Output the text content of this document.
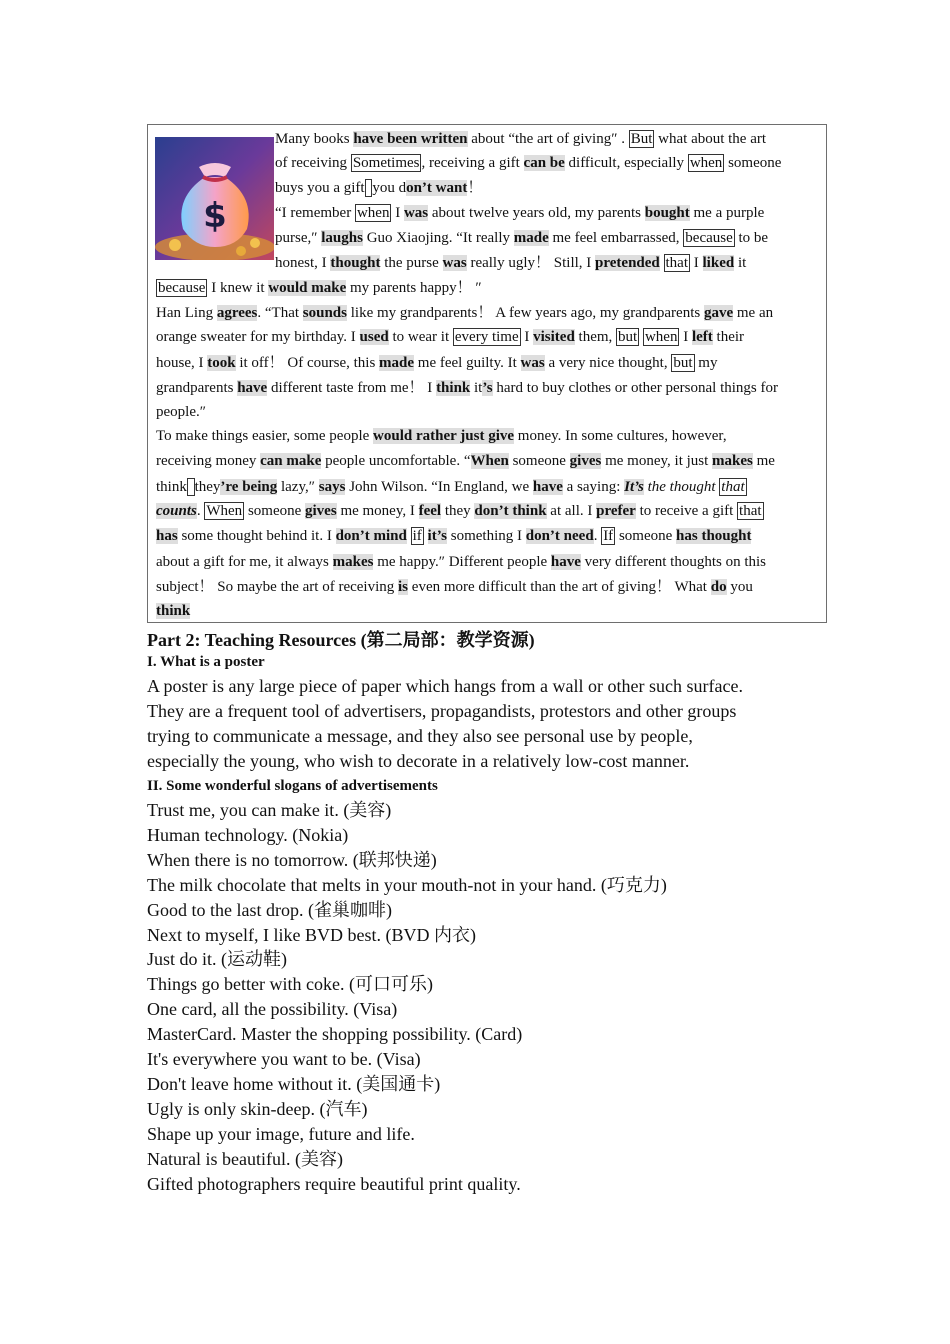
$
Many books have been written about “the art of giving″ . But what about the art
of receiving Sometimes , receiving a gift can be difficult, especially when someone
buys you a gift you don’t want！
“I remember when I was about twelve years old, my parents bought me a purple
purse,″ laughs Guo Xiaojing. “It really made me feel embarrassed, because to be
honest, I thought the purse was really ugly！ Still, I pretended that I liked it
because I knew it would make my parents happy！ ″
Han Ling agrees. “That sounds like my grandparents！ A few years ago, my grandparents gave me an
orange sweater for my birthday. I used to wear it every time I visited them, but when I left their
house, I took it off！ Of course, this made me feel guilty. It was a very nice thought, but my
grandparents have different taste from me！ I think it’s hard to buy clothes or other personal things for
people.″
To make things easier, some people would rather just give money. In some cultures, however,
receiving money can make people uncomfortable. “When someone gives me money, it just makes me
think they’re being lazy,″ says John Wilson. “In England, we have a saying: It’s the thought that
counts. When someone gives me money, I feel they don’t think at all. I prefer to receive a gift that
has some thought behind it. I don’t mind if it’s something I don’t need. If someone has thought
about a gift for me, it always makes me happy.″ Different people have very different thoughts on this
subject！ So maybe the art of receiving is even more difficult than the art of giving！ What do you
think
Part 2: Teaching Resources (第二局部：教学资源)
I. What is a poster
A poster is any large piece of paper which hangs from a wall or other such surface.
They are a frequent tool of advertisers, propagandists, protestors and other groups
trying to communicate a message, and they also see personal use by people,
especially the young, who wish to decorate in a relatively low-cost manner.
II. Some wonderful slogans of advertisements
Trust me, you can make it. (美容)
Human technology. (Nokia)
When there is no tomorrow. (联邦快递)
The milk chocolate that melts in your mouth-not in your hand. (巧克力)
Good to the last drop. (雀巢咖啡)
Next to myself, I like BVD best. (BVD 内衣)
Just do it. (运动鞋)
Things go better with coke. (可口可乐)
One card, all the possibility. (Visa)
MasterCard. Master the shopping possibility. (Card)
It's everywhere you want to be. (Visa)
Don't leave home without it. (美国通卡)
Ugly is only skin-deep. (汽车)
Shape up your image, future and life.
Natural is beautiful. (美容)
Gifted photographers require beautiful print quality.
